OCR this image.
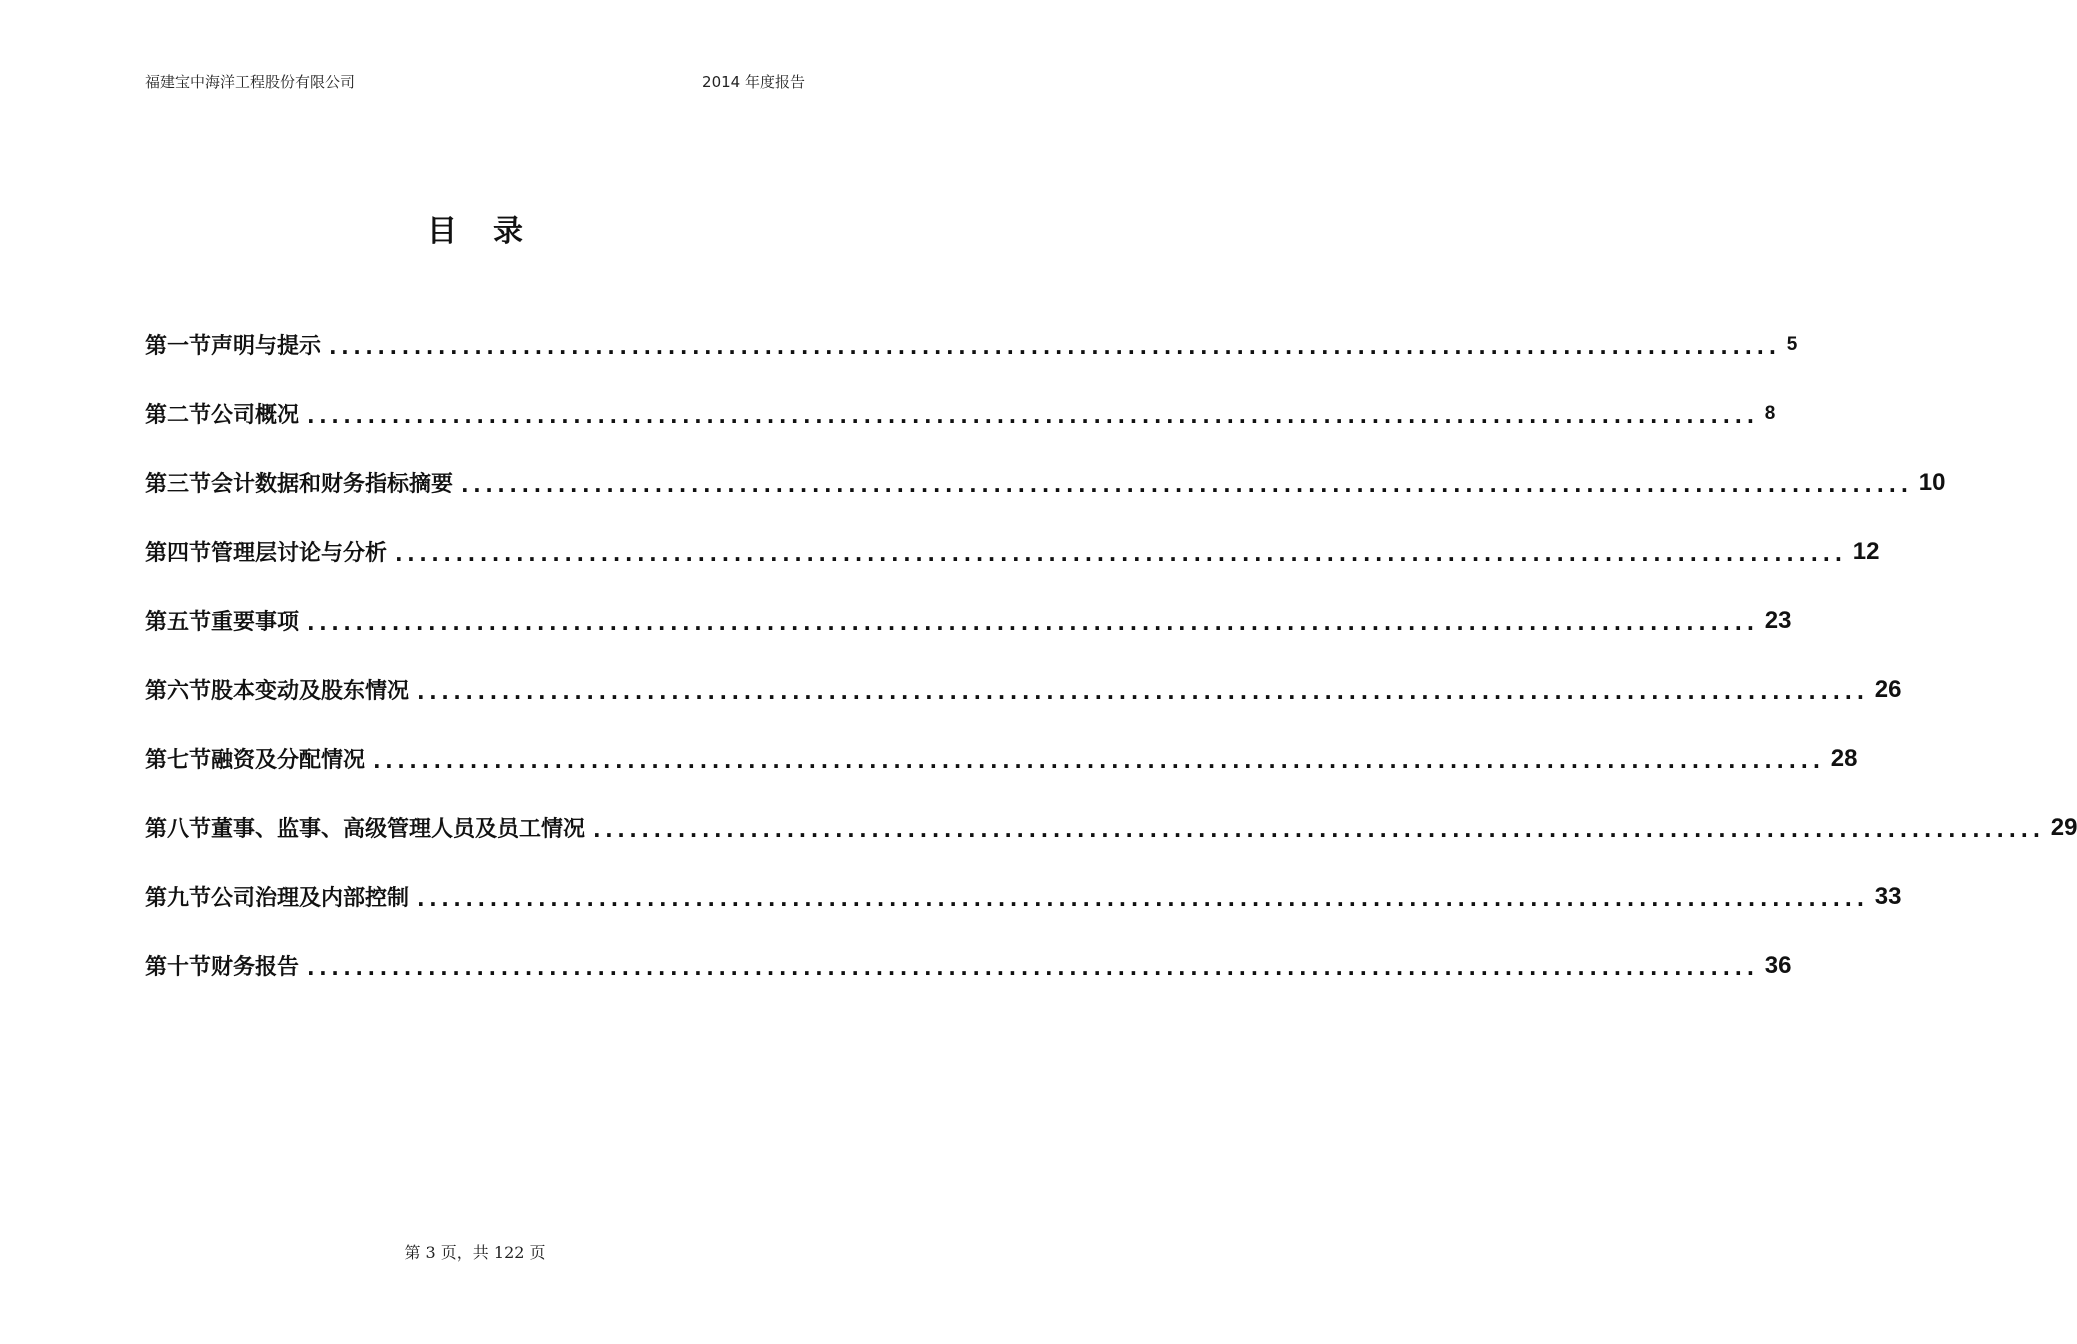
福建宝中海洋工程股份有限公司	2014 年度报告
目录
第一节声明与提示 ........................................................................................................................ 5
第二节公司概况 ........................................................................................................................ 8
第三节会计数据和财务指标摘要 ........................................................................................................................ 10
第四节管理层讨论与分析 ........................................................................................................................ 12
第五节重要事项 ........................................................................................................................ 23
第六节股本变动及股东情况 ........................................................................................................................ 26
第七节融资及分配情况 ........................................................................................................................ 28
第八节董事、监事、高级管理人员及员工情况 ........................................................................................................................ 29
第九节公司治理及内部控制 ........................................................................................................................ 33
第十节财务报告 ........................................................................................................................ 36
第 3 页，共 122 页
